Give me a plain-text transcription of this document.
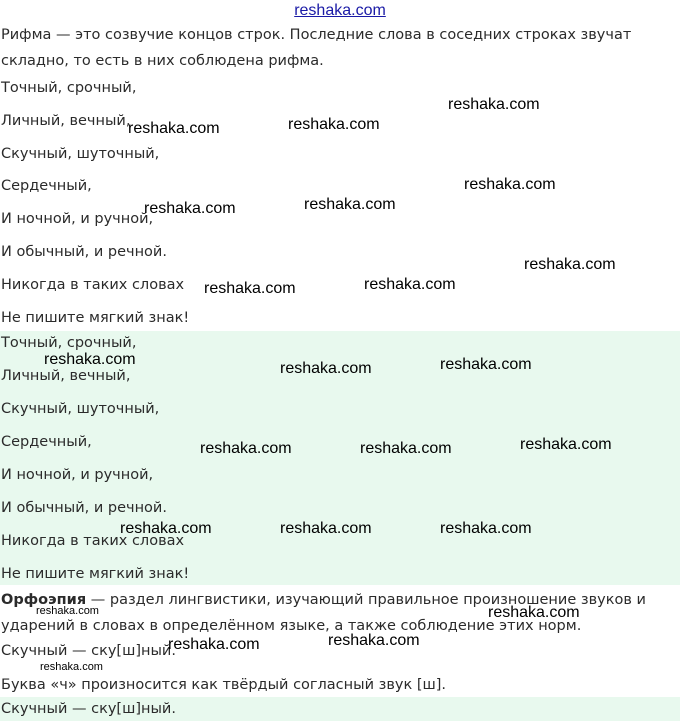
reshaka.com
Рифма — это созвучие концов строк. Последние слова в соседних строках звучат
складно, то есть в них соблюдена рифма.
Точный, срочный,
Личный, вечный,
Скучный, шуточный,
Сердечный,
И ночной, и ручной,
И обычный, и речной.
Никогда в таких словах
Не пишите мягкий знак!
Точный, срочный,
Личный, вечный,
Скучный, шуточный,
Сердечный,
И ночной, и ручной,
И обычный, и речной.
Никогда в таких словах
Не пишите мягкий знак!
Орфоэпия — раздел лингвистики, изучающий правильное произношение звуков и
ударений в словах в определённом языке, а также соблюдение этих норм.
Скучный — ску[ш]ный.
Буква «ч» произносится как твёрдый согласный звук [ш].
Скучный — ску[ш]ный.
reshaka.com
reshaka.com	reshaka.com
reshaka.com
reshaka.com	reshaka.com
reshaka.com
reshaka.com	reshaka.com
reshaka.com
reshaka.com	reshaka.com
reshaka.com	reshaka.com	reshaka.com
reshaka.com	reshaka.com	reshaka.com
reshaka.com	reshaka.com
reshaka.com	reshaka.com
reshaka.com
